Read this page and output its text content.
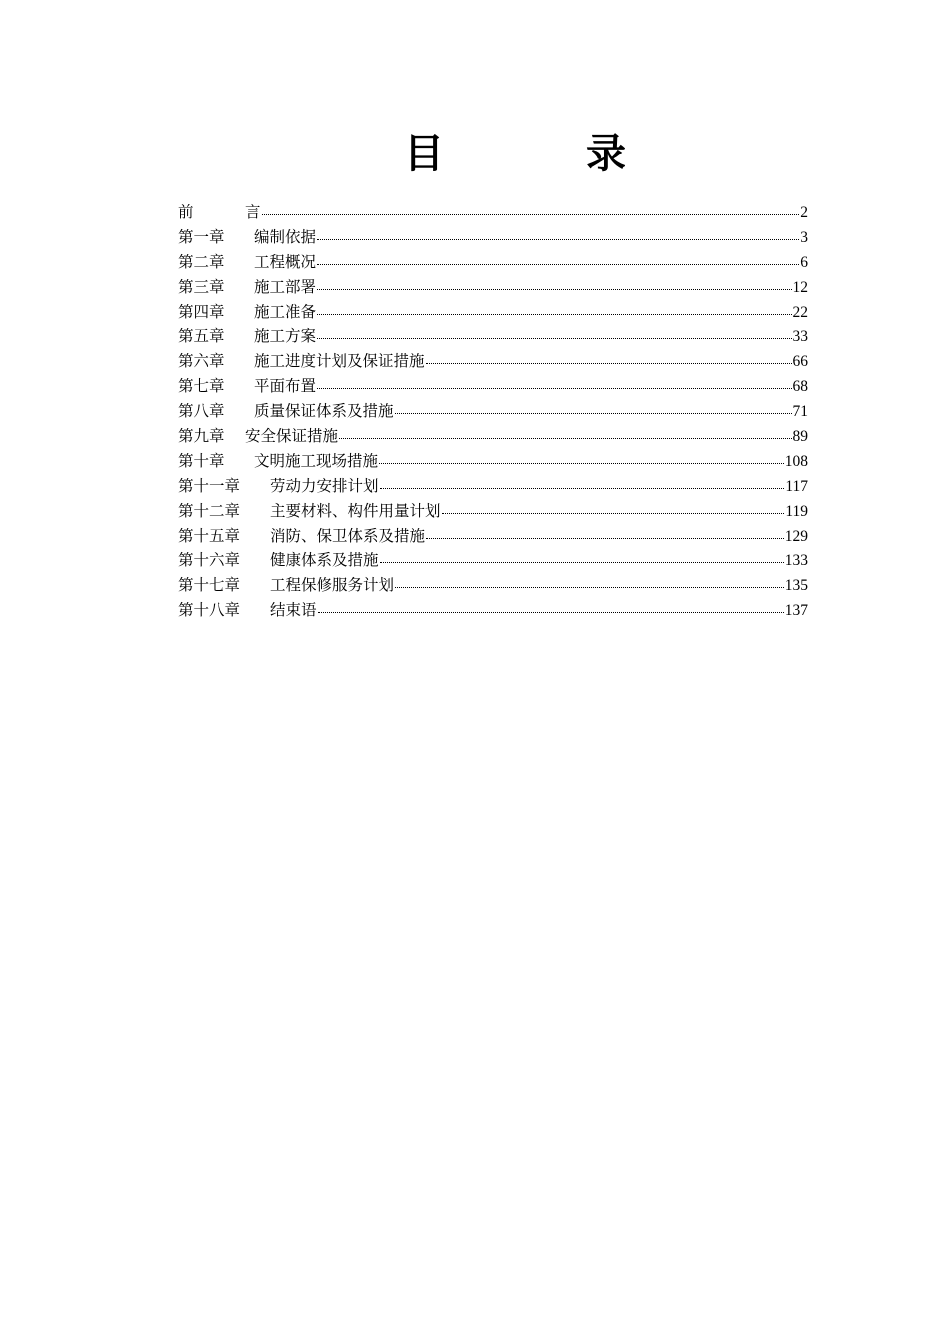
目	录
前	言	2
第一章	编制依据	3
第二章	工程概况	6
第三章	施工部署	12
第四章	施工准备	22
第五章	施工方案	33
第六章	施工进度计划及保证措施	66
第七章	平面布置	68
第八章	质量保证体系及措施	71
第九章	安全保证措施	89
第十章	文明施工现场措施	108
第十一章	劳动力安排计划	117
第十二章	主要材料、构件用量计划	119
第十五章	消防、保卫体系及措施	129
第十六章	健康体系及措施	133
第十七章	工程保修服务计划	135
第十八章	结束语	137
